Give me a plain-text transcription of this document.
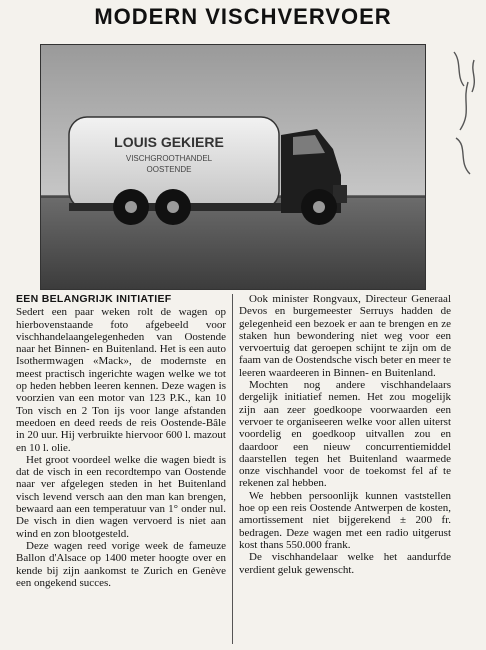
MODERN VISCHVERVOER
LOUIS GEKIERE
VISCHGROOTHANDEL
OOSTENDE
EEN BELANGRIJK INITIATIEF

Sedert een paar weken rolt de wagen op hierbovenstaande foto afgebeeld voor vischhandelaangelegenheden van Oostende naar het Binnen- en Buitenland. Het is een auto Isothermwagen «Mack», de modernste en meest practisch ingerichte wagen welke we tot op heden hebben leeren kennen. Deze wagen is voorzien van een motor van 123 P.K., kan 10 Ton visch en 2 Ton ijs voor lange afstanden meedoen en deed reeds de reis Oostende-Bâle in 20 uur. Hij verbruikte hiervoor 600 l. mazout en 10 l. olie.

Het groot voordeel welke die wagen biedt is dat de visch in een recordtempo van Oostende naar ver afgelegen steden in het Buitenland visch levend versch aan den man kan brengen, bewaard aan een temperatuur van 1° onder nul. De visch in dien wagen vervoerd is niet aan wind en zon blootgesteld.

Deze wagen reed vorige week de fameuze Ballon d'Alsace op 1400 meter hoogte over en kende bij zijn aankomst te Zurich en Genève een ongekend succes.

Ook minister Rongvaux, Directeur Generaal Devos en burgemeester Serruys hadden de gelegenheid een bezoek er aan te brengen en ze staken hun bewondering niet weg voor een vervoertuig dat geroepen schijnt te zijn om de faam van de Oostendsche visch beter en meer te leeren waardeeren in Binnen- en Buitenland.

Mochten nog andere vischhandelaars dergelijk initiatief nemen. Het zou mogelijk zijn aan zeer goedkoope voorwaarden een vervoer te organiseeren welke voor allen uiterst voordelig en goedkoop uitvallen zou en daardoor een nieuw concurrentiemiddel daarstellen tegen het Buitenland waarmede onze vischhandel voor de toekomst fel af te rekenen zal hebben.

We hebben persoonlijk kunnen vaststellen hoe op een reis Oostende Antwerpen de kosten, amortissement niet bijgerekend ± 200 fr. bedragen. Deze wagen met een radio uitgerust kost thans 550.000 frank.

De vischhandelaar welke het aandurfde verdient geluk gewenscht.
